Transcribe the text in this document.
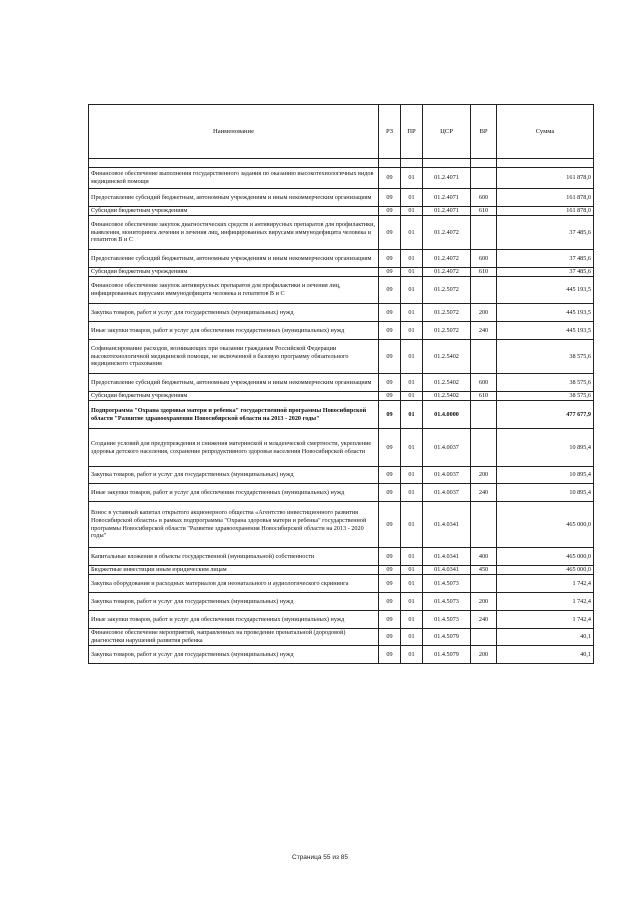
Наименование	РЗ	ПР	ЦСР	ВР	Сумма

Финансовое обеспечение выполнения государственного задания по оказанию высокотехнологичных видов медицинской помощи	09	01	01.2.4071		161 878,0
Предоставление субсидий бюджетным, автономным учреждениям и иным некоммерческим организациям	09	01	01.2.4071	600	161 878,0
Субсидии бюджетным учреждениям	09	01	01.2.4071	610	161 878,0
Финансовое обеспечение закупок диагностических средств и антивирусных препаратов для профилактики, выявления, мониторинга лечения и лечения лиц, инфицированных вирусами иммунодефицита человека и гепатитов В и С	09	01	01.2.4072		37 485,6
Предоставление субсидий бюджетным, автономным учреждениям и иным некоммерческим организациям	09	01	01.2.4072	600	37 485,6
Субсидии бюджетным учреждениям	09	01	01.2.4072	610	37 485,6
Финансовое обеспечение закупок антивирусных препаратов для профилактики и лечения лиц, инфицированных вирусами иммунодефицита человека и гепатитов В и С	09	01	01.2.5072		445 193,5
Закупка товаров, работ и услуг для государственных (муниципальных) нужд	09	01	01.2.5072	200	445 193,5
Иные закупки товаров, работ и услуг для обеспечения государственных (муниципальных) нужд	09	01	01.2.5072	240	445 193,5
Софинансирование расходов, возникающих при оказании гражданам Российской Федерации высокотехнологичной медицинской помощи, не включенной в базовую программу обязательного медицинского страхования	09	01	01.2.5402		38 575,6
Предоставление субсидий бюджетным, автономным учреждениям и иным некоммерческим организациям	09	01	01.2.5402	600	38 575,6
Субсидии бюджетным учреждениям	09	01	01.2.5402	610	38 575,6
Подпрограмма "Охрана здоровья матери и ребенка" государственной программы Новосибирской области "Развитие здравоохранения Новосибирской области на 2013 - 2020 годы"	09	01	01.4.0000		477 677,9
Создание условий для предупреждения и снижения материнской и младенческой смертности, укрепление здоровья детского населения, сохранение репродуктивного здоровья населения Новосибирской области	09	01	01.4.0037		10 895,4
Закупка товаров, работ и услуг для государственных (муниципальных) нужд	09	01	01.4.0037	200	10 895,4
Иные закупки товаров, работ и услуг для обеспечения государственных (муниципальных) нужд	09	01	01.4.0037	240	10 895,4
Взнос в уставный капитал открытого акционерного общества «Агентство инвестиционного развития Новосибирской области» в рамках подпрограммы "Охрана здоровья матери и ребенка" государственной программы Новосибирской области "Развитие здравоохранения Новосибирской области на 2013 - 2020 годы"	09	01	01.4.0341		465 000,0
Капитальные вложения в объекты государственной (муниципальной) собственности	09	01	01.4.0341	400	465 000,0
Бюджетные инвестиции иным юридическим лицам	09	01	01.4.0341	450	465 000,0
Закупка оборудования и расходных материалов для неонатального и аудиологического скрининга	09	01	01.4.5073		1 742,4
Закупка товаров, работ и услуг для государственных (муниципальных) нужд	09	01	01.4.5073	200	1 742,4
Иные закупки товаров, работ и услуг для обеспечения государственных (муниципальных) нужд	09	01	01.4.5073	240	1 742,4
Финансовое обеспечение мероприятий, направленных на проведение пренатальной (дородовой) диагностики нарушений развития ребенка	09	01	01.4.5079		40,1
Закупка товаров, работ и услуг для государственных (муниципальных) нужд	09	01	01.4.5079	200	40,1
Страница 55 из 85
